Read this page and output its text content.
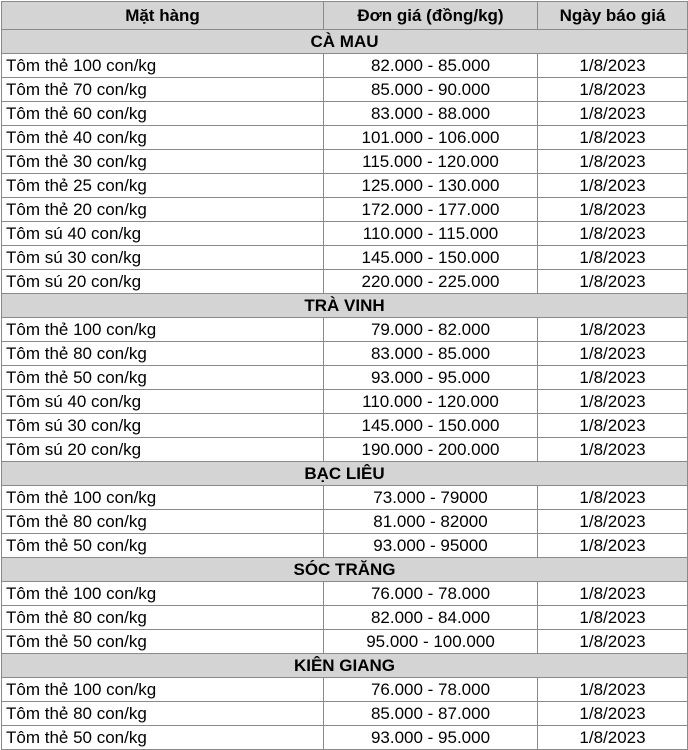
Mặt hàng	Đơn giá (đồng/kg)	Ngày báo giá
CÀ MAU		
Tôm thẻ 100 con/kg	82.000 - 85.000	1/8/2023
Tôm thẻ 70 con/kg	85.000 - 90.000	1/8/2023
Tôm thẻ 60 con/kg	83.000 - 88.000	1/8/2023
Tôm thẻ 40 con/kg	101.000 - 106.000	1/8/2023
Tôm thẻ 30 con/kg	115.000 - 120.000	1/8/2023
Tôm thẻ 25 con/kg	125.000 - 130.000	1/8/2023
Tôm thẻ 20 con/kg	172.000 - 177.000	1/8/2023
Tôm sú 40 con/kg	110.000 - 115.000	1/8/2023
Tôm sú 30 con/kg	145.000 - 150.000	1/8/2023
Tôm sú 20 con/kg	220.000 - 225.000	1/8/2023
TRÀ VINH		
Tôm thẻ 100 con/kg	79.000 - 82.000	1/8/2023
Tôm thẻ 80 con/kg	83.000 - 85.000	1/8/2023
Tôm thẻ 50 con/kg	93.000 - 95.000	1/8/2023
Tôm sú 40 con/kg	110.000 - 120.000	1/8/2023
Tôm sú 30 con/kg	145.000 - 150.000	1/8/2023
Tôm sú 20 con/kg	190.000 - 200.000	1/8/2023
BẠC LIÊU		
Tôm thẻ 100 con/kg	73.000 - 79000	1/8/2023
Tôm thẻ 80 con/kg	81.000 - 82000	1/8/2023
Tôm thẻ 50 con/kg	93.000 - 95000	1/8/2023
SÓC TRĂNG		
Tôm thẻ 100 con/kg	76.000 - 78.000	1/8/2023
Tôm thẻ 80 con/kg	82.000 - 84.000	1/8/2023
Tôm thẻ 50 con/kg	95.000 - 100.000	1/8/2023
KIÊN GIANG		
Tôm thẻ 100 con/kg	76.000 - 78.000	1/8/2023
Tôm thẻ 80 con/kg	85.000 - 87.000	1/8/2023
Tôm thẻ 50 con/kg	93.000 - 95.000	1/8/2023
